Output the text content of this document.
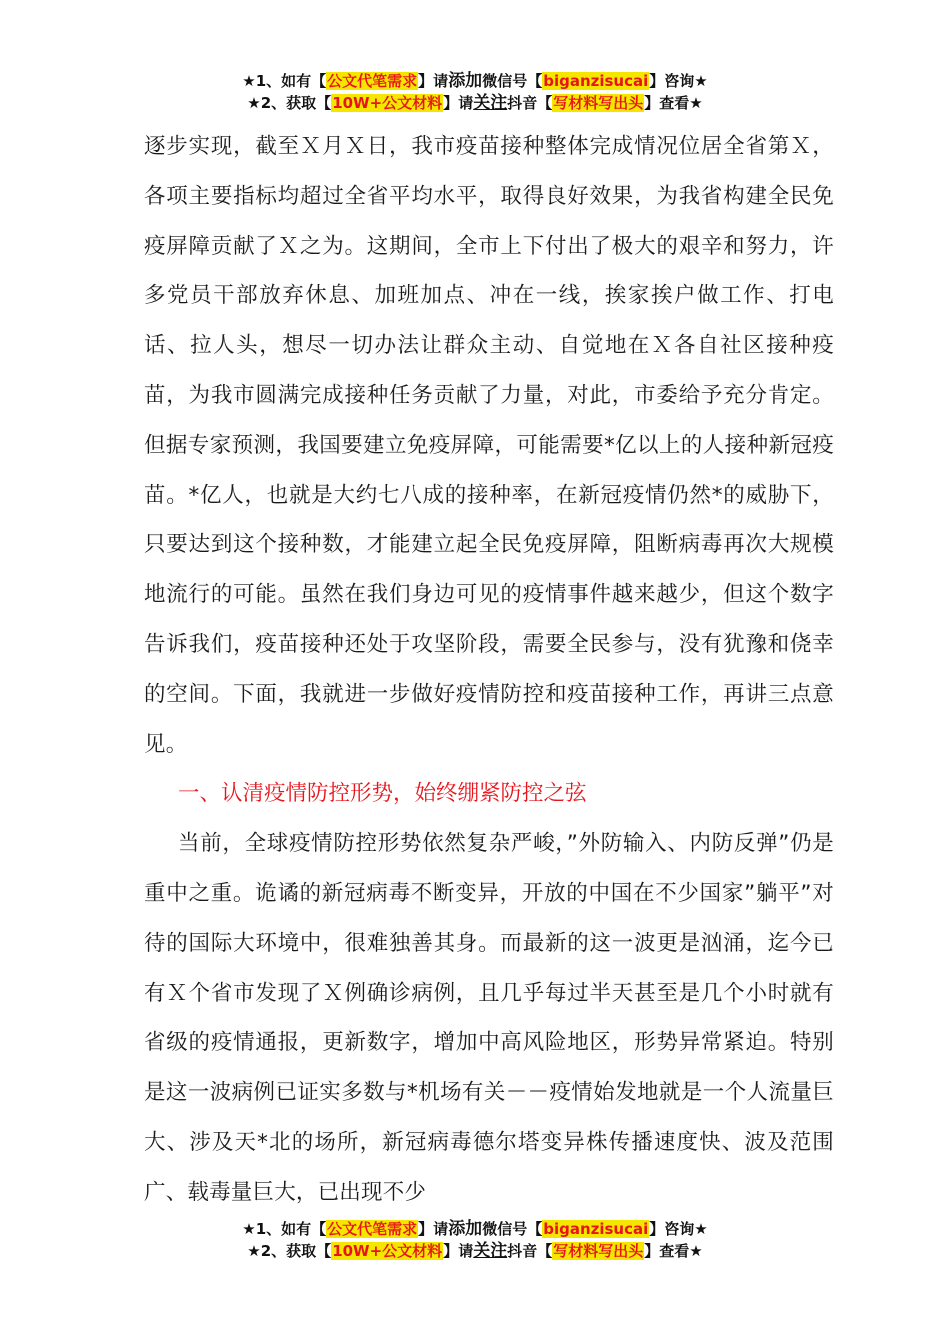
★1、如有【公文代笔需求】请添加微信号【biganzisucai】咨询★
★2、获取【10W+公文材料】请关注抖音【写材料写出头】查看★

逐步实现，截至Ｘ月Ｘ日，我市疫苗接种整体完成情况位居全省第Ｘ，各项主要指标均超过全省平均水平，取得良好效果，为我省构建全民免疫屏障贡献了Ｘ之为。这期间，全市上下付出了极大的艰辛和努力，许多党员干部放弃休息、加班加点、冲在一线，挨家挨户做工作、打电话、拉人头，想尽一切办法让群众主动、自觉地在Ｘ各自社区接种疫苗，为我市圆满完成接种任务贡献了力量，对此，市委给予充分肯定。但据专家预测，我国要建立免疫屏障，可能需要*亿以上的人接种新冠疫苗。*亿人，也就是大约七八成的接种率，在新冠疫情仍然*的威胁下，只要达到这个接种数，才能建立起全民免疫屏障，阻断病毒再次大规模地流行的可能。虽然在我们身边可见的疫情事件越来越少，但这个数字告诉我们，疫苗接种还处于攻坚阶段，需要全民参与，没有犹豫和侥幸的空间。下面，我就进一步做好疫情防控和疫苗接种工作，再讲三点意见。

一、认清疫情防控形势，始终绷紧防控之弦

当前，全球疫情防控形势依然复杂严峻，”外防输入、内防反弹”仍是重中之重。诡谲的新冠病毒不断变异，开放的中国在不少国家”躺平”对待的国际大环境中，很难独善其身。而最新的这一波更是汹涌，迄今已有Ｘ个省市发现了Ｘ例确诊病例，且几乎每过半天甚至是几个小时就有省级的疫情通报，更新数字，增加中高风险地区，形势异常紧迫。特别是这一波病例已证实多数与*机场有关－－疫情始发地就是一个人流量巨大、涉及天*北的场所，新冠病毒德尔塔变异株传播速度快、波及范围广、载毒量巨大，已出现不少

★1、如有【公文代笔需求】请添加微信号【biganzisucai】咨询★
★2、获取【10W+公文材料】请关注抖音【写材料写出头】查看★
